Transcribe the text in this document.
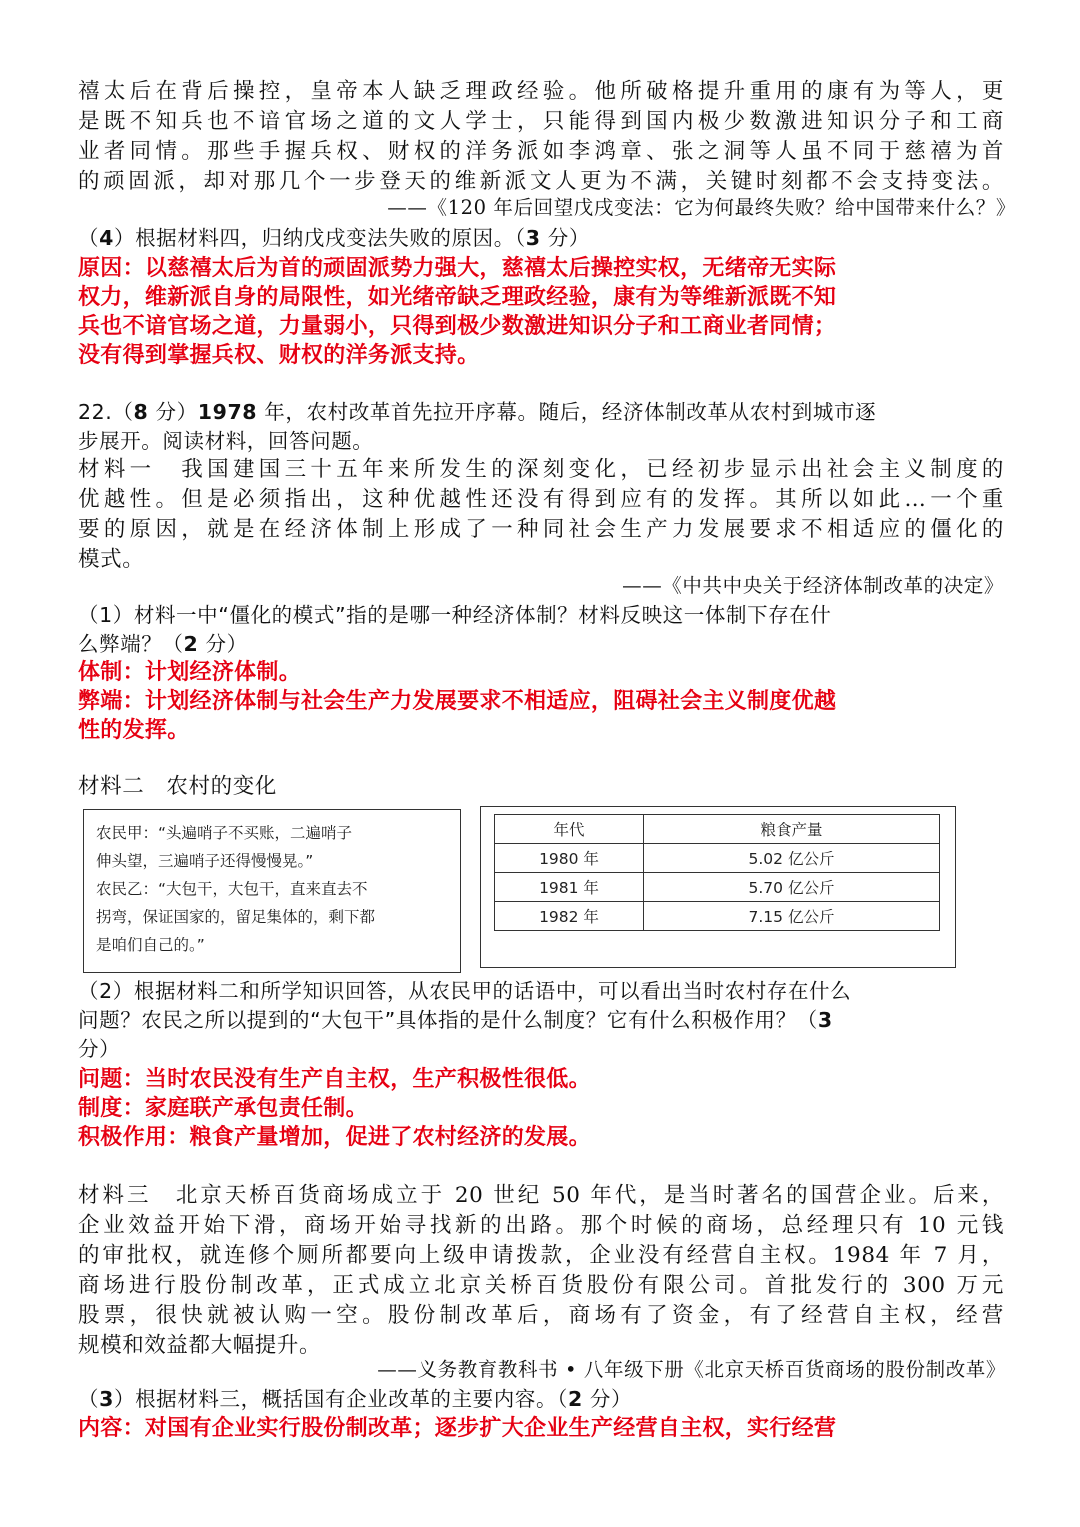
禧太后在背后操控，皇帝本人缺乏理政经验。他所破格提升重用的康有为等人，更
是既不知兵也不谙官场之道的文人学士，只能得到国内极少数激进知识分子和工商
业者同情。那些手握兵权、财权的洋务派如李鸿章、张之洞等人虽不同于慈禧为首
的顽固派，却对那几个一步登天的维新派文人更为不满，关键时刻都不会支持变法。
——《120 年后回望戊戌变法：它为何最终失败？给中国带来什么？》
（4）根据材料四，归纳戊戌变法失败的原因。（3 分）
原因：以慈禧太后为首的顽固派势力强大，慈禧太后操控实权，无绪帝无实际
权力，维新派自身的局限性，如光绪帝缺乏理政经验，康有为等维新派既不知
兵也不谙官场之道，力量弱小，只得到极少数激进知识分子和工商业者同情；
没有得到掌握兵权、财权的洋务派支持。
22.（8 分）1978 年，农村改革首先拉开序幕。随后，经济体制改革从农村到城市逐
步展开。阅读材料，回答问题。
材料一　我国建国三十五年来所发生的深刻变化，已经初步显示出社会主义制度的
优越性。但是必须指出，这种优越性还没有得到应有的发挥。其所以如此…一个重
要的原因，就是在经济体制上形成了一种同社会生产力发展要求不相适应的僵化的
模式。
——《中共中央关于经济体制改革的决定》
（1）材料一中“僵化的模式”指的是哪一种经济体制？材料反映这一体制下存在什
么弊端？（2 分）
体制：计划经济体制。
弊端：计划经济体制与社会生产力发展要求不相适应，阻碍社会主义制度优越
性的发挥。
材料二　农村的变化
农民甲：“头遍哨子不买账，二遍哨子
伸头望，三遍哨子还得慢慢晃。”
农民乙：“大包干，大包干，直来直去不
拐弯，保证国家的，留足集体的，剩下都
是咱们自己的。”
年代	粮食产量
1980 年	5.02 亿公斤
1981 年	5.70 亿公斤
1982 年	7.15 亿公斤
（2）根据材料二和所学知识回答，从农民甲的话语中，可以看出当时农村存在什么
问题？农民之所以提到的“大包干”具体指的是什么制度？它有什么积极作用？（3
分）
问题：当时农民没有生产自主权，生产积极性很低。
制度：家庭联产承包责任制。
积极作用：粮食产量增加，促进了农村经济的发展。
材料三　北京天桥百货商场成立于 20 世纪 50 年代，是当时著名的国营企业。后来，
企业效益开始下滑，商场开始寻找新的出路。那个时候的商场，总经理只有 10 元钱
的审批权，就连修个厕所都要向上级申请拨款，企业没有经营自主权。1984 年 7 月，
商场进行股份制改革，正式成立北京关桥百货股份有限公司。首批发行的 300 万元
股票，很快就被认购一空。股份制改革后，商场有了资金，有了经营自主权，经营
规模和效益都大幅提升。
——义务教育教科书 • 八年级下册《北京天桥百货商场的股份制改革》
（3）根据材料三，概括国有企业改革的主要内容。（2 分）
内容：对国有企业实行股份制改革；逐步扩大企业生产经营自主权，实行经营
